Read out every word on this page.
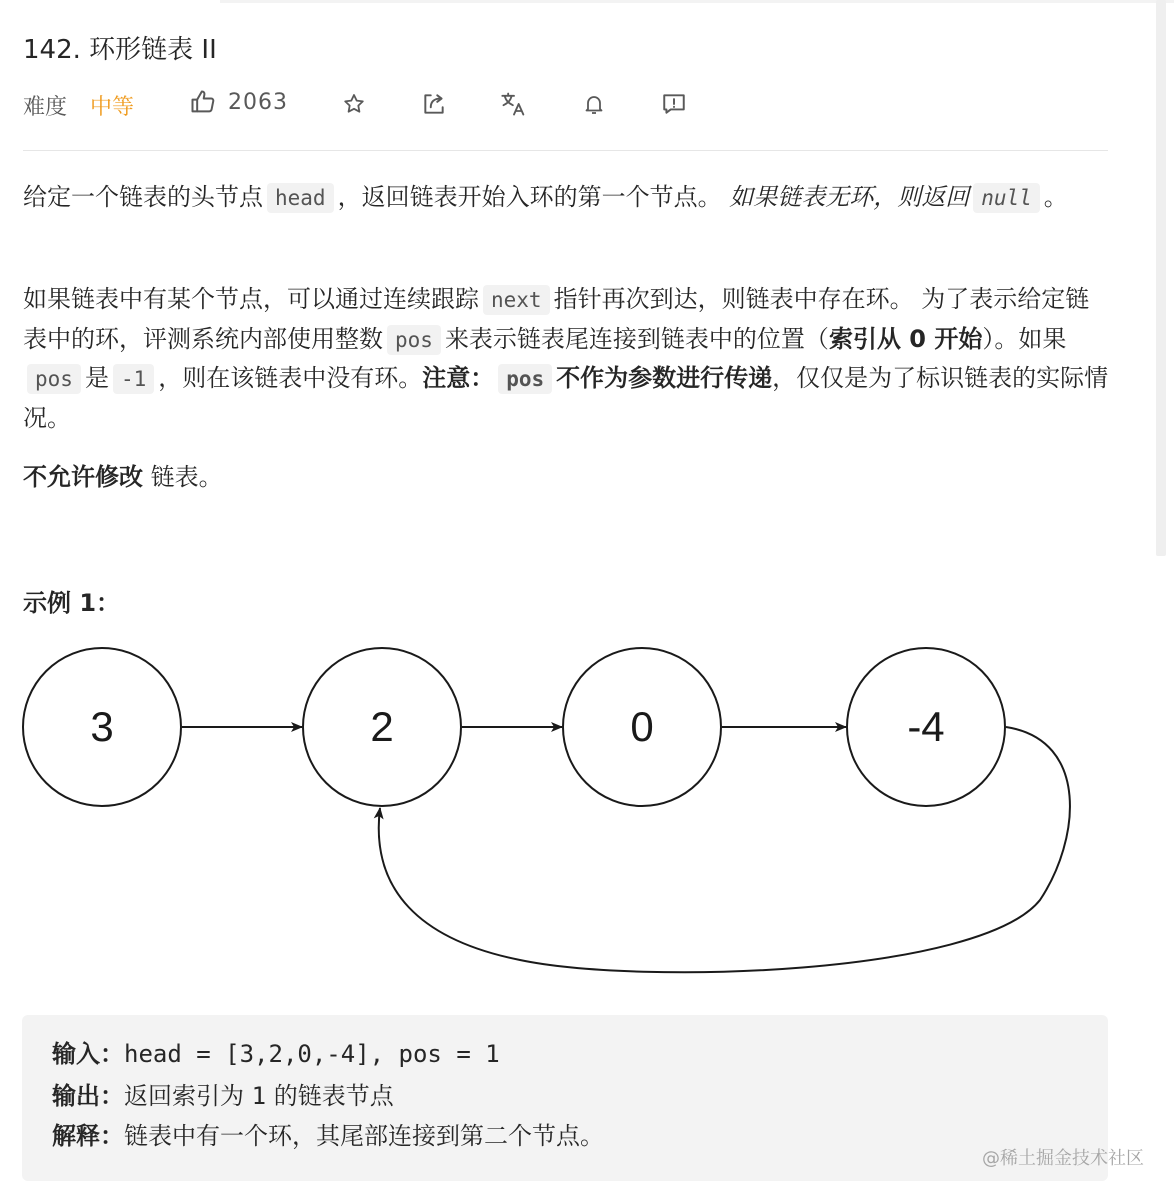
142. 环形链表 II
难度 中等	2063
给定一个链表的头节点 head ，返回链表开始入环的第一个节点。 如果链表无环，则返回 null 。
如果链表中有某个节点，可以通过连续跟踪 next 指针再次到达，则链表中存在环。 为了表示给定链表中的环，评测系统内部使用整数 pos 来表示链表尾连接到链表中的位置（索引从 0 开始）。如果pos 是 -1 ，则在该链表中没有环。注意： pos 不作为参数进行传递，仅仅是为了标识链表的实际情况。
不允许修改 链表。
示例 1：
3	2	0	-4
输入：head = [3,2,0,-4], pos = 1
输出：返回索引为 1 的链表节点
解释：链表中有一个环，其尾部连接到第二个节点。
@稀土掘金技术社区
